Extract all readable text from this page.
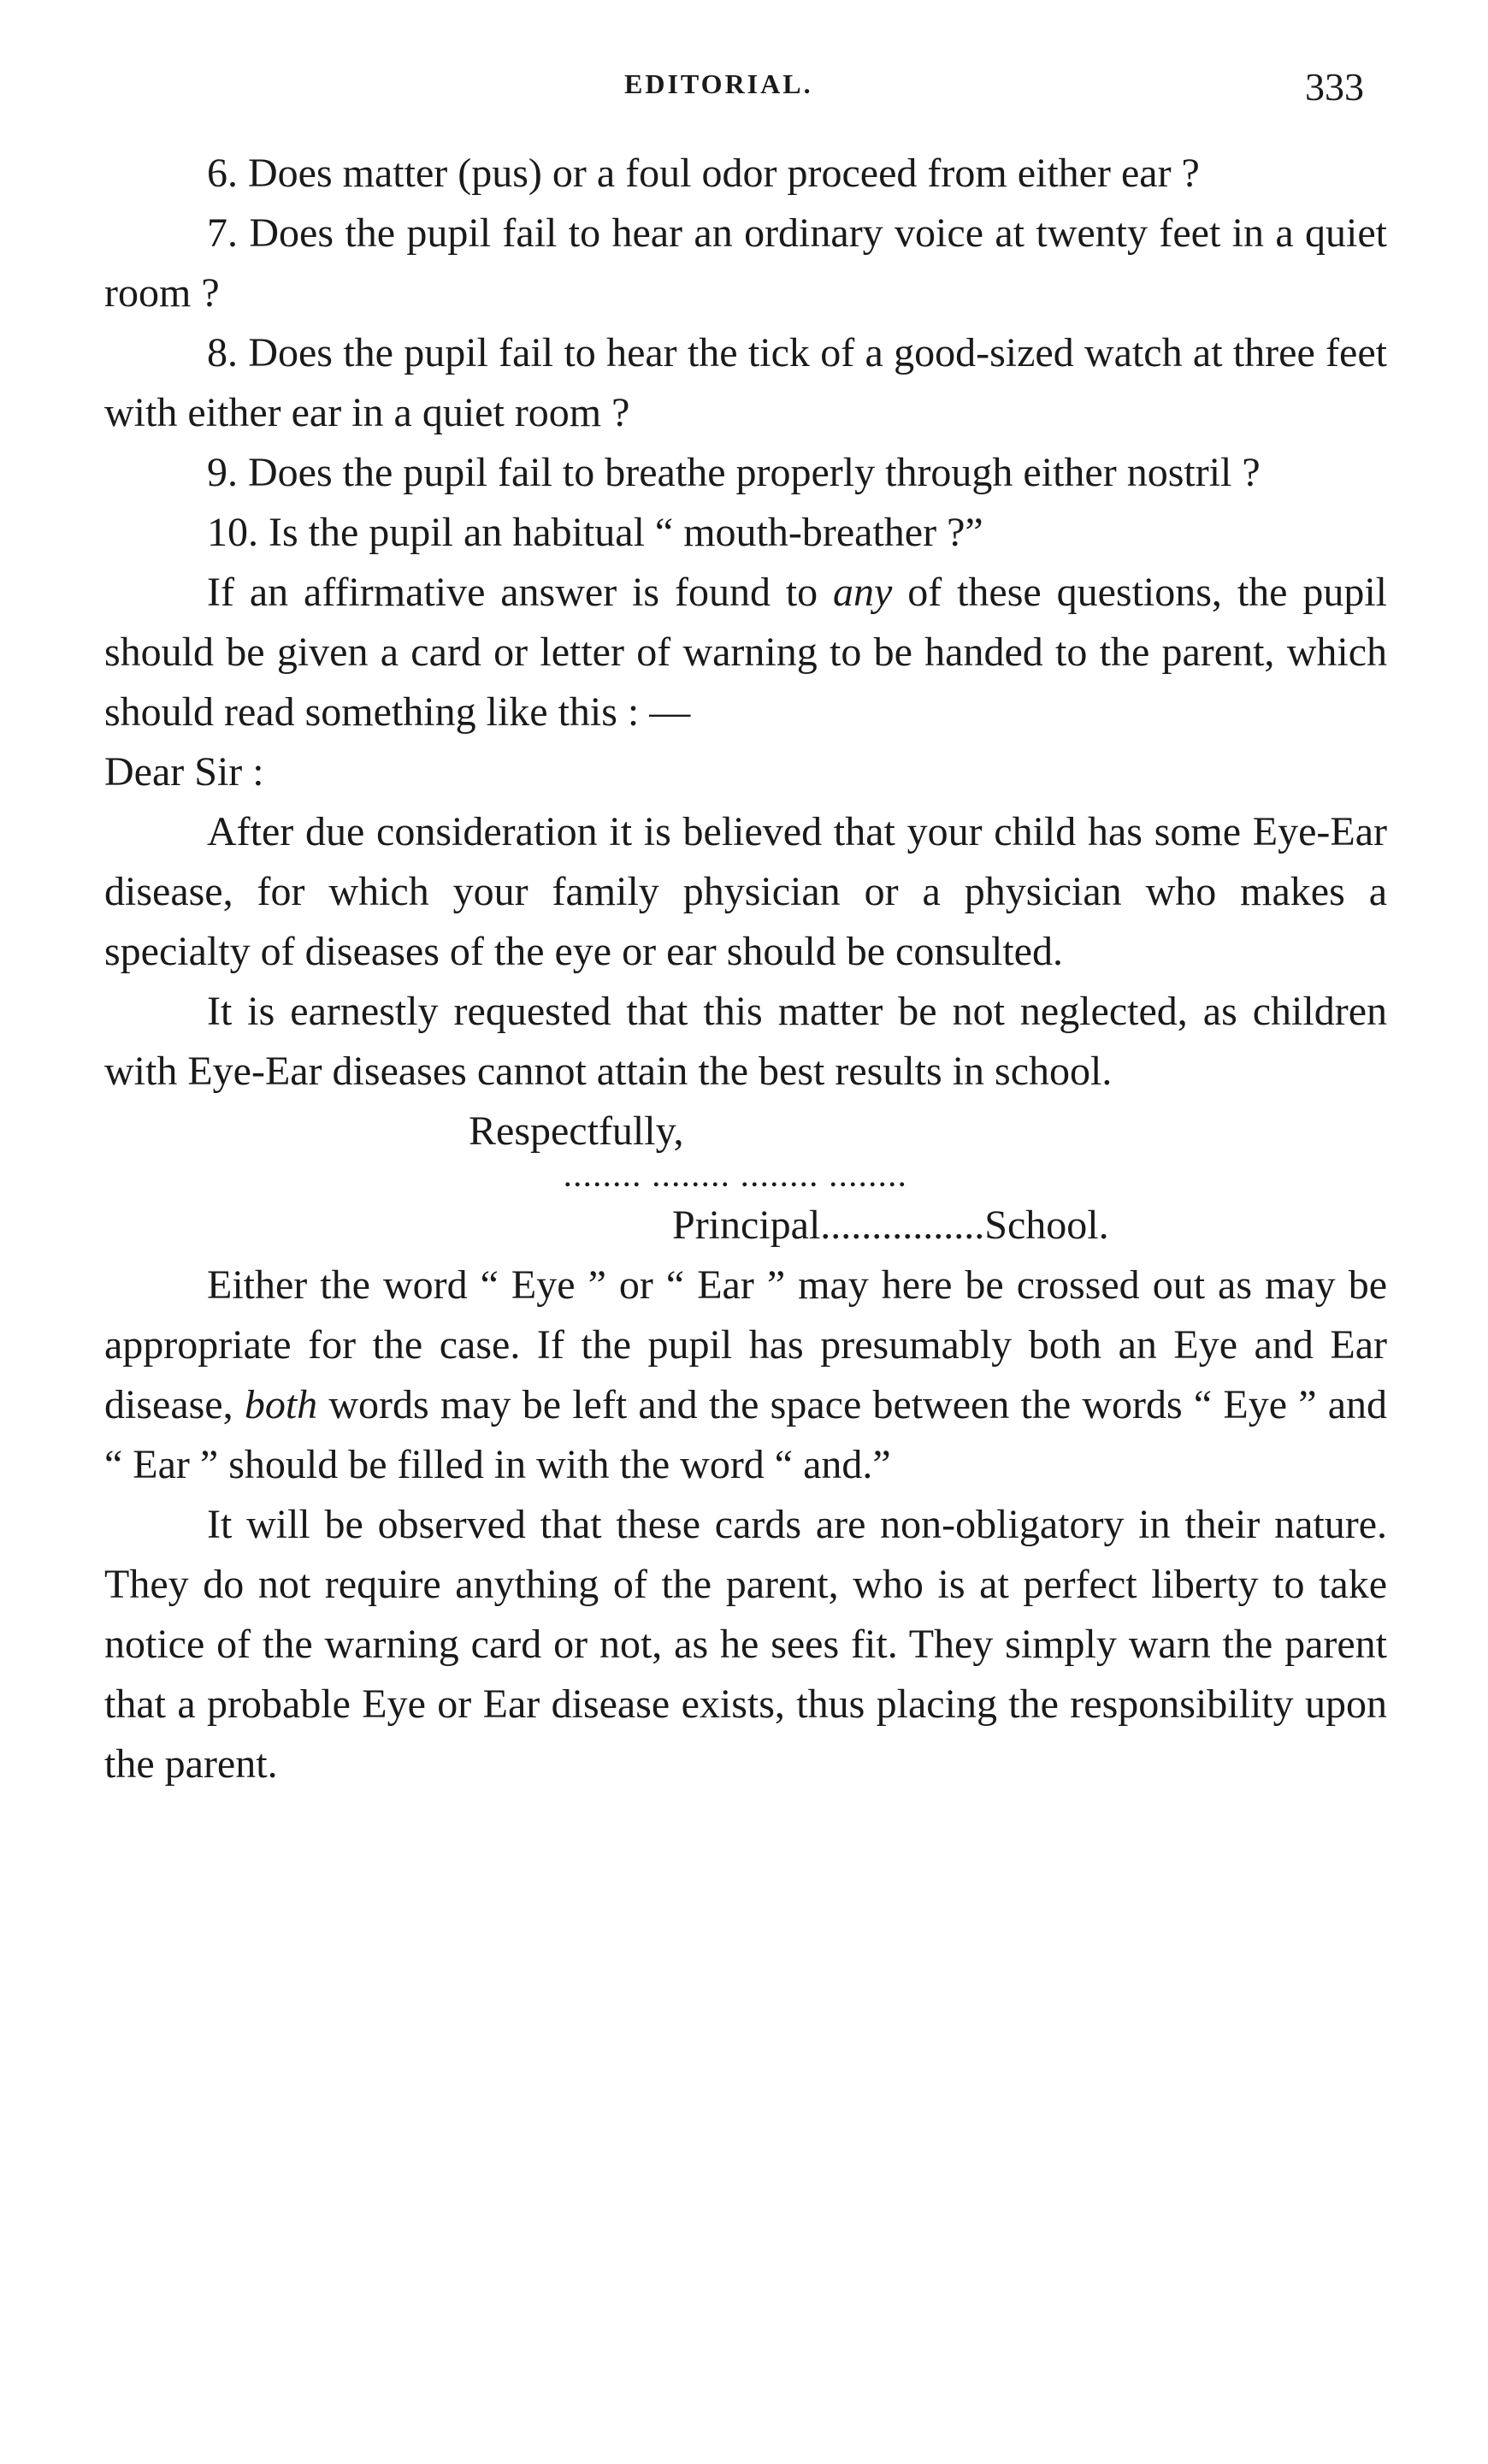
EDITORIAL.	333

6. Does matter (pus) or a foul odor proceed from either ear ?

7. Does the pupil fail to hear an ordinary voice at twenty feet in a quiet room ?

8. Does the pupil fail to hear the tick of a good-sized watch at three feet with either ear in a quiet room ?

9. Does the pupil fail to breathe properly through either nostril ?

10. Is the pupil an habitual “ mouth-breather ?”

If an affirmative answer is found to any of these questions, the pupil should be given a card or letter of warning to be handed to the parent, which should read something like this : —

Dear Sir :

After due consideration it is believed that your child has some Eye-Ear disease, for which your family physician or a physician who makes a specialty of diseases of the eye or ear should be consulted.

It is earnestly requested that this matter be not neglected, as children with Eye-Ear diseases cannot attain the best results in school.

Respectfully,

........ ........ ........ ........

Principal................School.

Either the word “ Eye ” or “ Ear ” may here be crossed out as may be appropriate for the case. If the pupil has presumably both an Eye and Ear disease, both words may be left and the space between the words “ Eye ” and “ Ear ” should be filled in with the word “ and.”

It will be observed that these cards are non-obligatory in their nature. They do not require anything of the parent, who is at perfect liberty to take notice of the warning card or not, as he sees fit. They simply warn the parent that a probable Eye or Ear disease exists, thus placing the responsibility upon the parent.
